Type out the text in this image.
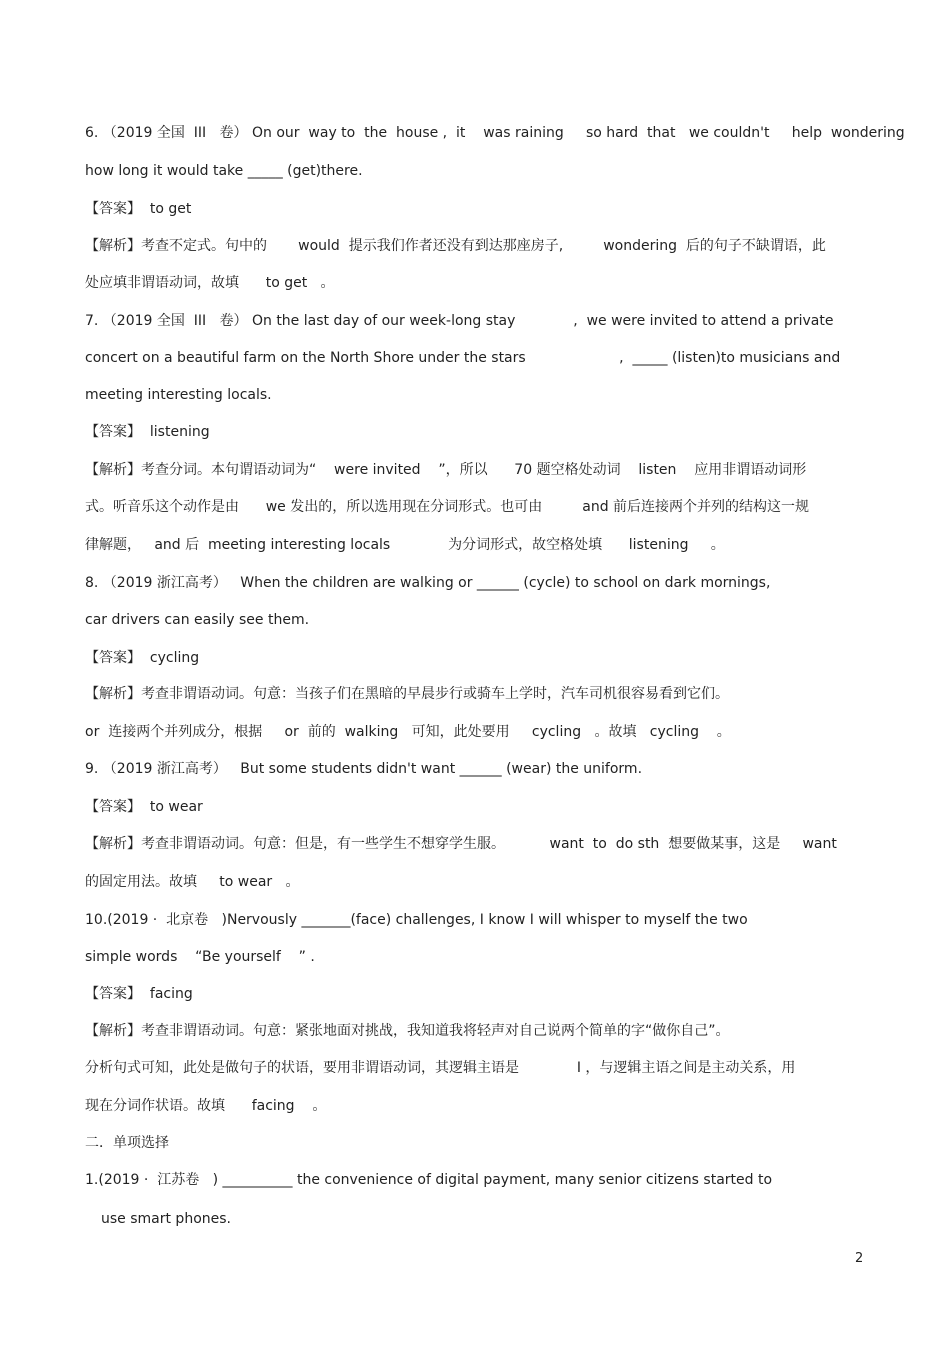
6. （2019 全国  III   卷） On our  way to  the  house ,  it    was raining     so hard  that   we couldn't     help  wondering
how long it would take _____ (get)there.
【答案】  to get
【解析】考查不定式。句中的       would  提示我们作者还没有到达那座房子,         wondering  后的句子不缺谓语，此
处应填非谓语动词，故填      to get   。
7. （2019 全国  III   卷） On the last day of our week-long stay             ,  we were invited to attend a private
concert on a beautiful farm on the North Shore under the stars                     ,  _____ (listen)to musicians and
meeting interesting locals.
【答案】  listening
【解析】考查分词。本句谓语动词为“    were invited    ”，所以      70 题空格处动词    listen    应用非谓语动词形
式。听音乐这个动作是由      we 发出的，所以选用现在分词形式。也可由         and 前后连接两个并列的结构这一规
律解题，   and 后  meeting interesting locals             为分词形式，故空格处填      listening     。
8. （2019 浙江高考）   When the children are walking or ______ (cycle) to school on dark mornings,
car drivers can easily see them.
【答案】  cycling
【解析】考查非谓语动词。句意：当孩子们在黑暗的早晨步行或骑车上学时，汽车司机很容易看到它们。
or  连接两个并列成分，根据     or  前的  walking   可知，此处要用     cycling   。故填   cycling    。
9. （2019 浙江高考）   But some students didn't want ______ (wear) the uniform.
【答案】  to wear
【解析】考查非谓语动词。句意：但是，有一些学生不想穿学生服。          want  to  do sth  想要做某事，这是     want
的固定用法。故填     to wear   。
10.(2019 ·  北京卷   )Nervously _______(face) challenges, I know I will whisper to myself the two
simple words    “Be yourself    ” .
【答案】  facing
【解析】考查非谓语动词。句意：紧张地面对挑战，我知道我将轻声对自己说两个简单的字“做你自己”。
分析句式可知，此处是做句子的状语，要用非谓语动词，其逻辑主语是             I ，与逻辑主语之间是主动关系，用
现在分词作状语。故填      facing    。
二．单项选择
1.(2019 ·  江苏卷   ) __________ the convenience of digital payment, many senior citizens started to
use smart phones.
2
